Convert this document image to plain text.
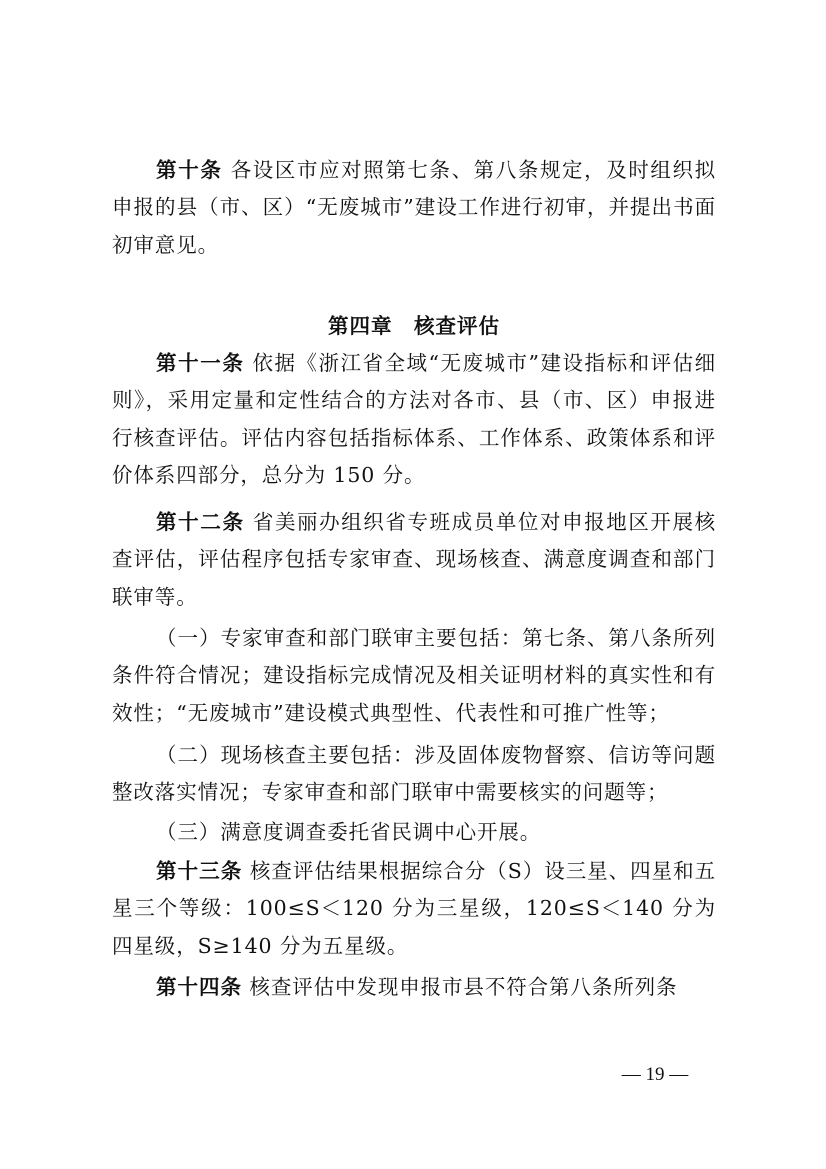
第十条 各设区市应对照第七条、第八条规定，及时组织拟申报的县（市、区）“无废城市”建设工作进行初审，并提出书面初审意见。

第四章　核查评估

第十一条 依据《浙江省全域“无废城市”建设指标和评估细则》，采用定量和定性结合的方法对各市、县（市、区）申报进行核查评估。评估内容包括指标体系、工作体系、政策体系和评价体系四部分，总分为 150 分。

第十二条 省美丽办组织省专班成员单位对申报地区开展核查评估，评估程序包括专家审查、现场核查、满意度调查和部门联审等。

（一）专家审查和部门联审主要包括：第七条、第八条所列条件符合情况；建设指标完成情况及相关证明材料的真实性和有效性；“无废城市”建设模式典型性、代表性和可推广性等；

（二）现场核查主要包括：涉及固体废物督察、信访等问题整改落实情况；专家审查和部门联审中需要核实的问题等；

（三）满意度调查委托省民调中心开展。

第十三条 核查评估结果根据综合分（S）设三星、四星和五星三个等级：100≤S＜120 分为三星级，120≤S＜140 分为四星级，S≥140 分为五星级。

第十四条 核查评估中发现申报市县不符合第八条所列条

— 19 —
